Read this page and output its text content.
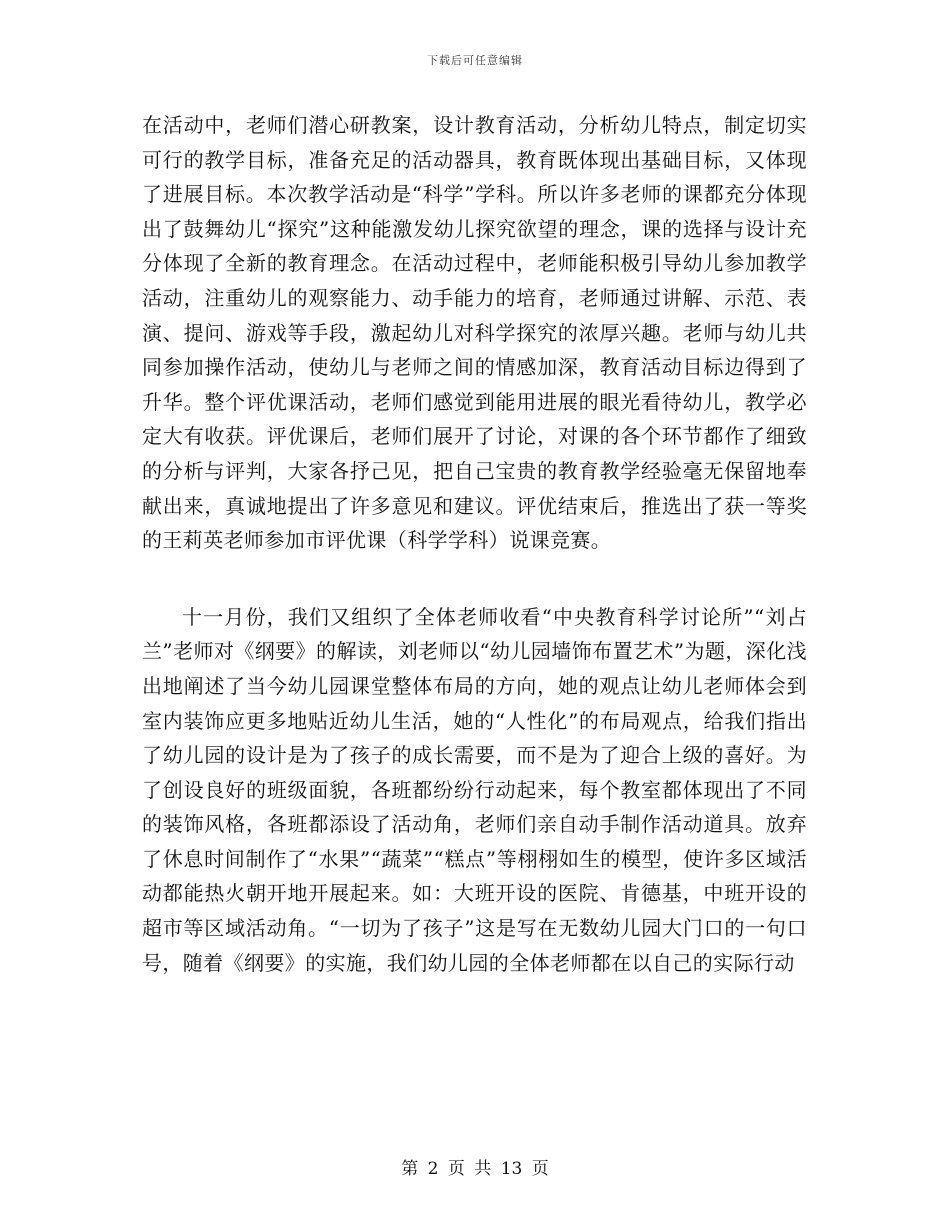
下载后可任意编辑

在活动中，老师们潜心研教案，设计教育活动，分析幼儿特点，制定切实可行的教学目标，准备充足的活动器具，教育既体现出基础目标，又体现了进展目标。本次教学活动是“科学”学科。所以许多老师的课都充分体现出了鼓舞幼儿“探究”这种能激发幼儿探究欲望的理念，课的选择与设计充分体现了全新的教育理念。在活动过程中，老师能积极引导幼儿参加教学活动，注重幼儿的观察能力、动手能力的培育，老师通过讲解、示范、表演、提问、游戏等手段，激起幼儿对科学探究的浓厚兴趣。老师与幼儿共同参加操作活动，使幼儿与老师之间的情感加深，教育活动目标边得到了升华。整个评优课活动，老师们感觉到能用进展的眼光看待幼儿，教学必定大有收获。评优课后，老师们展开了讨论，对课的各个环节都作了细致的分析与评判，大家各抒己见，把自己宝贵的教育教学经验毫无保留地奉献出来，真诚地提出了许多意见和建议。评优结束后，推选出了获一等奖的王莉英老师参加市评优课（科学学科）说课竞赛。

十一月份，我们又组织了全体老师收看“中央教育科学讨论所”“刘占兰”老师对《纲要》的解读，刘老师以“幼儿园墙饰布置艺术”为题，深化浅出地阐述了当今幼儿园课堂整体布局的方向，她的观点让幼儿老师体会到室内装饰应更多地贴近幼儿生活，她的“人性化”的布局观点，给我们指出了幼儿园的设计是为了孩子的成长需要，而不是为了迎合上级的喜好。为了创设良好的班级面貌，各班都纷纷行动起来，每个教室都体现出了不同的装饰风格，各班都添设了活动角，老师们亲自动手制作活动道具。放弃了休息时间制作了“水果”“蔬菜”“糕点”等栩栩如生的模型，使许多区域活动都能热火朝开地开展起来。如：大班开设的医院、肯德基，中班开设的超市等区域活动角。“一切为了孩子”这是写在无数幼儿园大门口的一句口号，随着《纲要》的实施，我们幼儿园的全体老师都在以自己的实际行动

第 2 页 共 13 页
